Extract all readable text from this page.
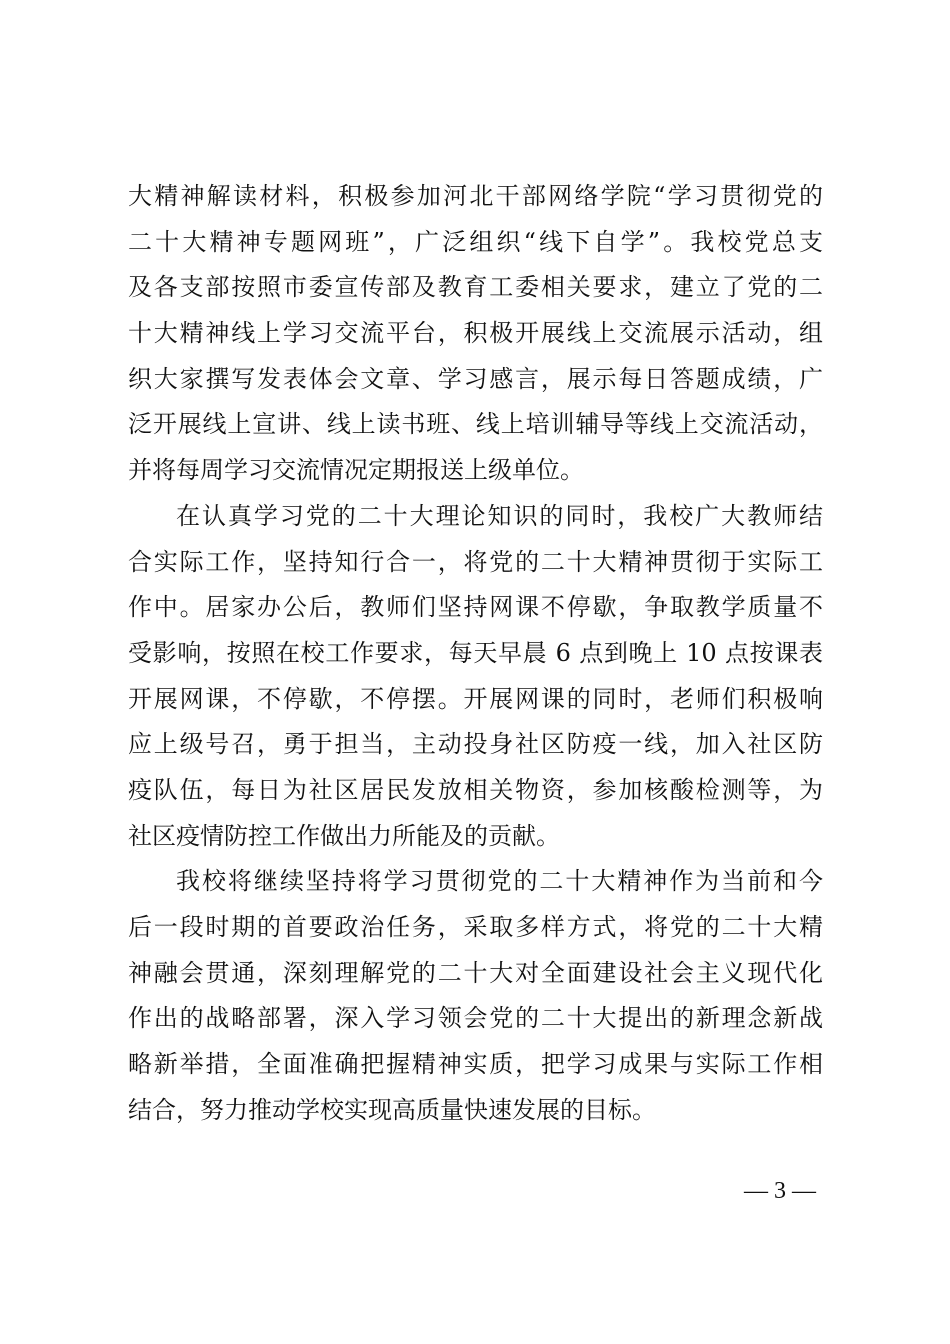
大精神解读材料，积极参加河北干部网络学院“学习贯彻党的
二十大精神专题网班”，广泛组织“线下自学”。我校党总支
及各支部按照市委宣传部及教育工委相关要求，建立了党的二
十大精神线上学习交流平台，积极开展线上交流展示活动，组
织大家撰写发表体会文章、学习感言，展示每日答题成绩，广
泛开展线上宣讲、线上读书班、线上培训辅导等线上交流活动，
并将每周学习交流情况定期报送上级单位。
在认真学习党的二十大理论知识的同时，我校广大教师结
合实际工作，坚持知行合一，将党的二十大精神贯彻于实际工
作中。居家办公后，教师们坚持网课不停歇，争取教学质量不
受影响，按照在校工作要求，每天早晨 6 点到晚上 10 点按课表
开展网课，不停歇，不停摆。开展网课的同时，老师们积极响
应上级号召，勇于担当，主动投身社区防疫一线，加入社区防
疫队伍，每日为社区居民发放相关物资，参加核酸检测等，为
社区疫情防控工作做出力所能及的贡献。
我校将继续坚持将学习贯彻党的二十大精神作为当前和今
后一段时期的首要政治任务，采取多样方式，将党的二十大精
神融会贯通，深刻理解党的二十大对全面建设社会主义现代化
作出的战略部署，深入学习领会党的二十大提出的新理念新战
略新举措，全面准确把握精神实质，把学习成果与实际工作相
结合，努力推动学校实现高质量快速发展的目标。
— 3 —
